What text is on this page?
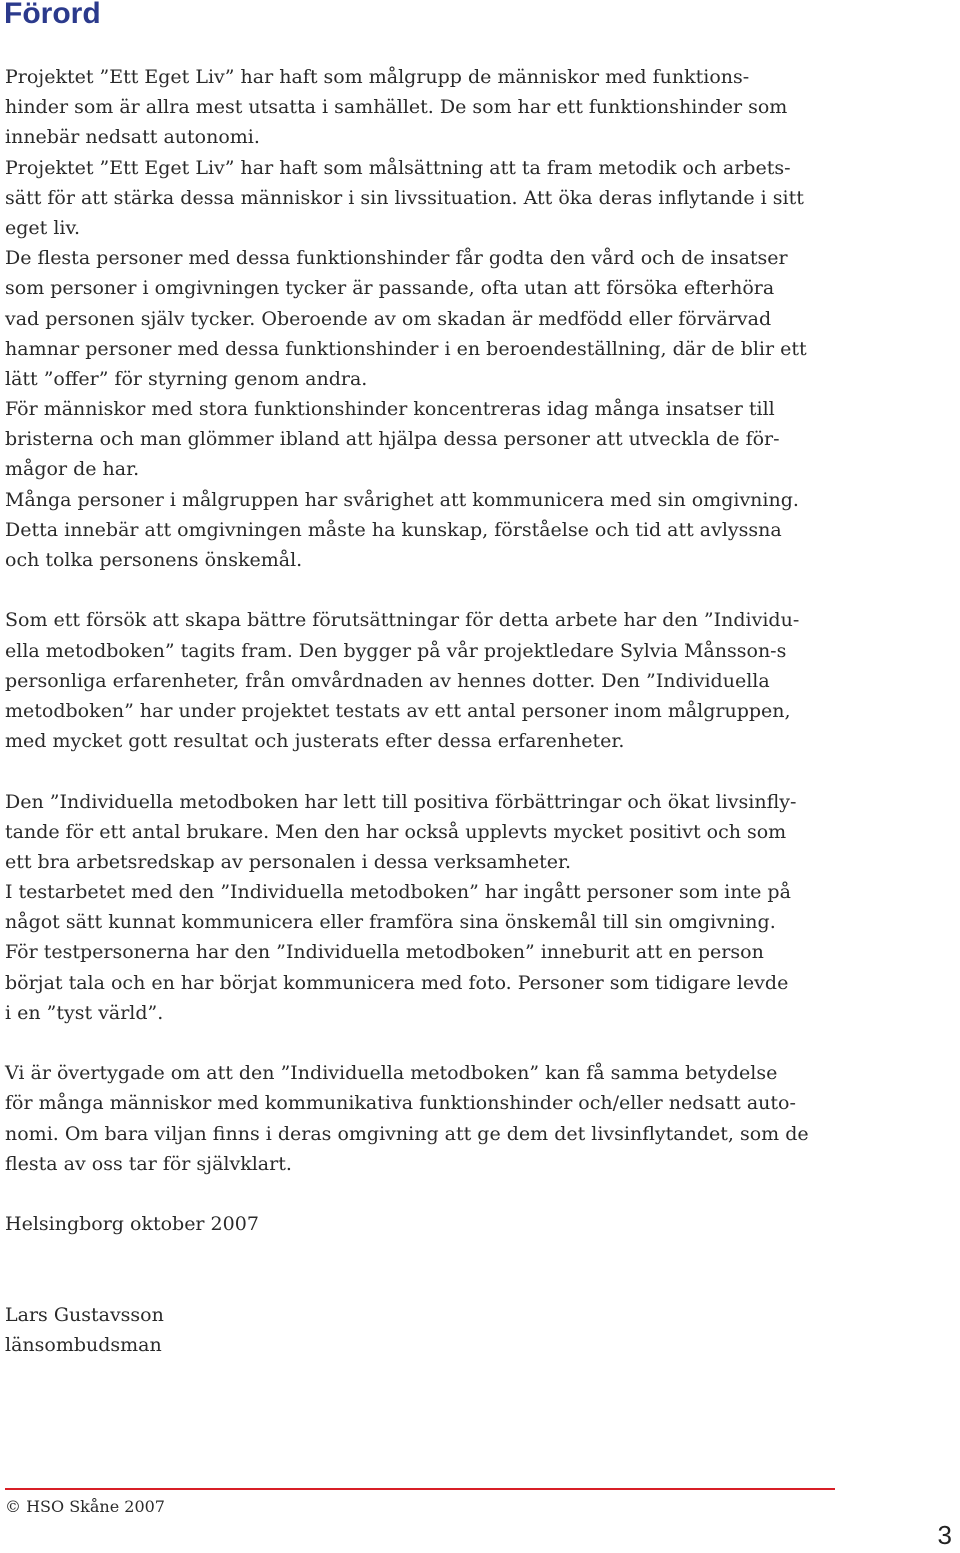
Förord
Projektet ”Ett Eget Liv” har haft som målgrupp de människor med funktions-
hinder som är allra mest utsatta i samhället. De som har ett funktionshinder som
innebär nedsatt autonomi.
Projektet ”Ett Eget Liv” har haft som målsättning att ta fram metodik och arbets-
sätt för att stärka dessa människor i sin livssituation. Att öka deras inflytande i sitt
eget liv.
De flesta personer med dessa funktionshinder får godta den vård och de insatser
som personer i omgivningen tycker är passande, ofta utan att försöka efterhöra
vad personen själv tycker. Oberoende av om skadan är medfödd eller förvärvad
hamnar personer med dessa funktionshinder i en beroendeställning, där de blir ett
lätt ”offer” för styrning genom andra.
För människor med stora funktionshinder koncentreras idag många insatser till
bristerna och man glömmer ibland att hjälpa dessa personer att utveckla de för-
mågor de har.
Många personer i målgruppen har svårighet att kommunicera med sin omgivning.
Detta innebär att omgivningen måste ha kunskap, förståelse och tid att avlyssna
och tolka personens önskemål.
Som ett försök att skapa bättre förutsättningar för detta arbete har den ”Individu-
ella metodboken” tagits fram. Den bygger på vår projektledare Sylvia Månsson-s
personliga erfarenheter, från omvårdnaden av hennes dotter. Den ”Individuella
metodboken” har under projektet testats av ett antal personer inom målgruppen,
med mycket gott resultat och justerats efter dessa erfarenheter.
Den ”Individuella metodboken har lett till positiva förbättringar och ökat livsinfly-
tande för ett antal brukare. Men den har också upplevts mycket positivt och som
ett bra arbetsredskap av personalen i dessa verksamheter.
I testarbetet med den ”Individuella metodboken” har ingått personer som inte på
något sätt kunnat kommunicera eller framföra sina önskemål till sin omgivning.
För testpersonerna har den ”Individuella metodboken” inneburit att en person
börjat tala och en har börjat kommunicera med foto. Personer som tidigare levde
i en ”tyst värld”.
Vi är övertygade om att den ”Individuella metodboken” kan få samma betydelse
för många människor med kommunikativa funktionshinder och/eller nedsatt auto-
nomi. Om bara viljan finns i deras omgivning att ge dem det livsinflytandet, som de
flesta av oss tar för självklart.
Helsingborg oktober 2007
Lars Gustavsson
länsombudsman
© HSO Skåne 2007
3
